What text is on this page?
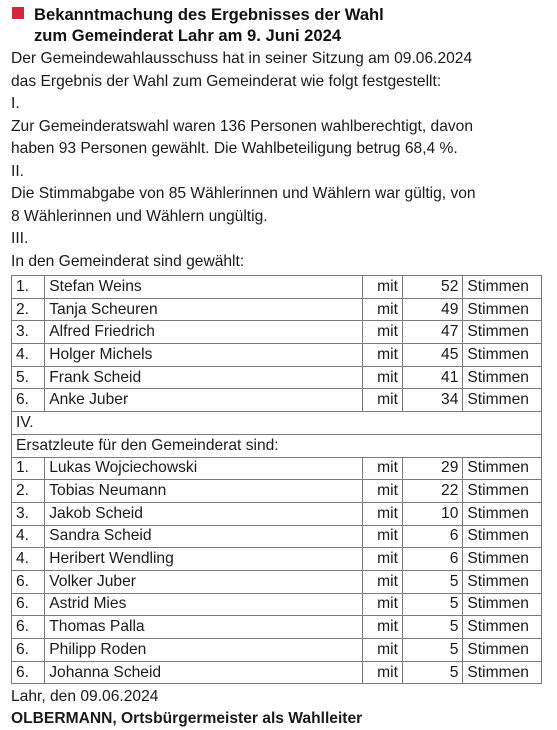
Bekanntmachung des Ergebnisses der Wahl
zum Gemeinderat Lahr am 9. Juni 2024

Der Gemeindewahlausschuss hat in seiner Sitzung am 09.06.2024

das Ergebnis der Wahl zum Gemeinderat wie folgt festgestellt:

I.

Zur Gemeinderatswahl waren 136 Personen wahlberechtigt, davon

haben 93 Personen gewählt. Die Wahlbeteiligung betrug 68,4 %.

II.

Die Stimmabgabe von 85 Wählerinnen und Wählern war gültig, von

8 Wählerinnen und Wählern ungültig.

III.

In den Gemeinderat sind gewählt:

1.	Stefan Weins	mit	52	Stimmen
2.	Tanja Scheuren	mit	49	Stimmen
3.	Alfred Friedrich	mit	47	Stimmen
4.	Holger Michels	mit	45	Stimmen
5.	Frank Scheid	mit	41	Stimmen
6.	Anke Juber	mit	34	Stimmen
IV.				
Ersatzleute für den Gemeinderat sind:				
1.	Lukas Wojciechowski	mit	29	Stimmen
2.	Tobias Neumann	mit	22	Stimmen
3.	Jakob Scheid	mit	10	Stimmen
4.	Sandra Scheid	mit	6	Stimmen
4.	Heribert Wendling	mit	6	Stimmen
6.	Volker Juber	mit	5	Stimmen
6.	Astrid Mies	mit	5	Stimmen
6.	Thomas Palla	mit	5	Stimmen
6.	Philipp Roden	mit	5	Stimmen
6.	Johanna Scheid	mit	5	Stimmen
Lahr, den 09.06.2024
OLBERMANN, Ortsbürgermeister als Wahlleiter
